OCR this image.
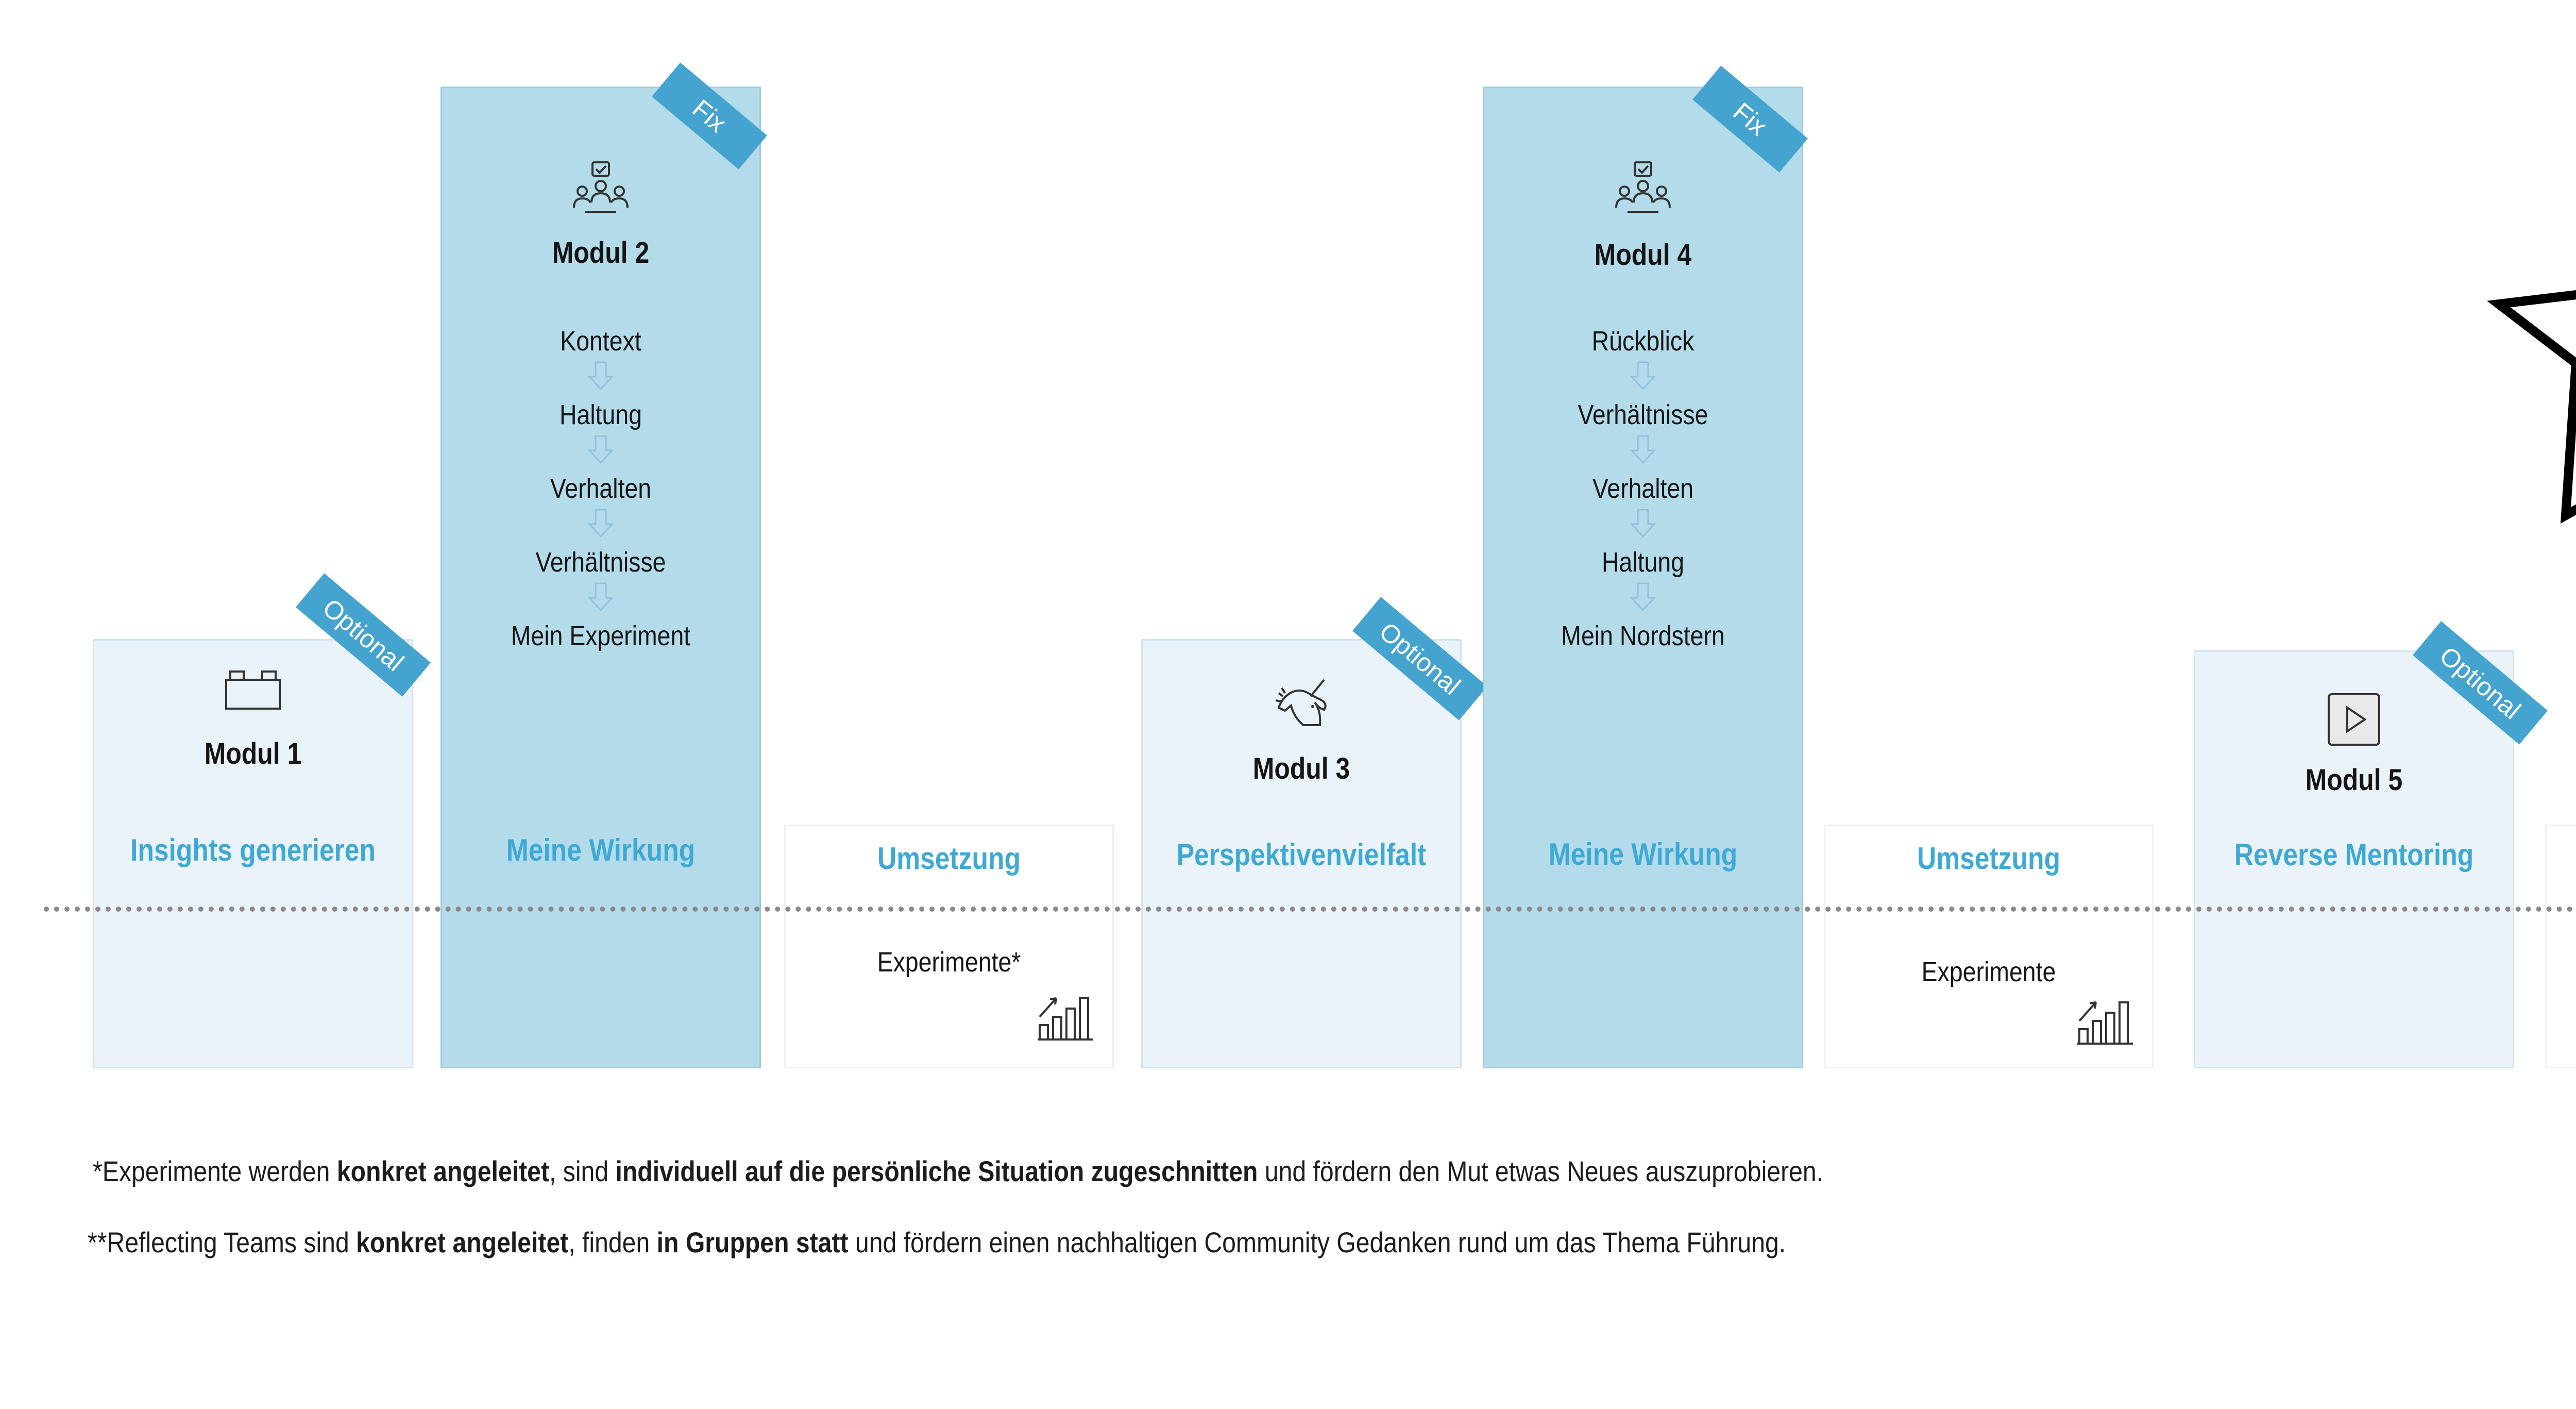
Modul 1
Insights generieren
Optional
Modul 2
Kontext
Haltung
Verhalten
Verhältnisse
Mein Experiment
Meine Wirkung
Fix
Umsetzung
Experimente*
Modul 3
Perspektivenvielfalt
Optional
Modul 4
Rückblick
Verhältnisse
Verhalten
Haltung
Mein Nordstern
Meine Wirkung
Fix
Umsetzung
Experimente
Modul 5
Reverse Mentoring
Optional
*Experimente werden konkret angeleitet, sind individuell auf die persönliche Situation zugeschnitten und fördern den Mut etwas Neues auszuprobieren.
**Reflecting Teams sind konkret angeleitet, finden in Gruppen statt und fördern einen nachhaltigen Community Gedanken rund um das Thema Führung.
